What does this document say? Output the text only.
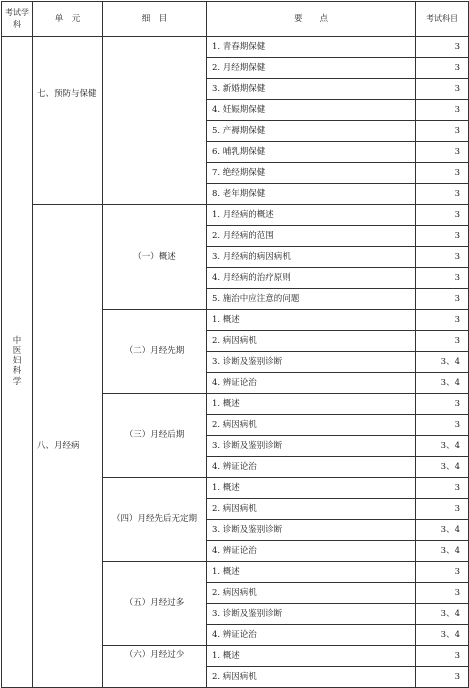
考试学科	单　元	细　目	要　　点	考试科目
中医妇科学	七、预防与保健		1. 青春期保健	3
			2. 月经期保健	3
			3. 新婚期保健	3
			4. 妊娠期保健	3
			5. 产褥期保健	3
			6. 哺乳期保健	3
			7. 绝经期保健	3
			8. 老年期保健	3
	八、月经病	（一）概述	1. 月经病的概述	3
			2. 月经病的范围	3
			3. 月经病的病因病机	3
			4. 月经病的治疗原则	3
			5. 施治中应注意的问题	3
		（二）月经先期	1. 概述	3
			2. 病因病机	3
			3. 诊断及鉴别诊断	3、4
			4. 辨证论治	3、4
		（三）月经后期	1. 概述	3
			2. 病因病机	3
			3. 诊断及鉴别诊断	3、4
			4. 辨证论治	3、4
		（四）月经先后无定期	1. 概述	3
			2. 病因病机	3
			3. 诊断及鉴别诊断	3、4
			4. 辨证论治	3、4
		（五）月经过多	1. 概述	3
			2. 病因病机	3
			3. 诊断及鉴别诊断	3、4
			4. 辨证论治	3、4

		（六）月经过少	1. 概述	3
			2. 病因病机	3
